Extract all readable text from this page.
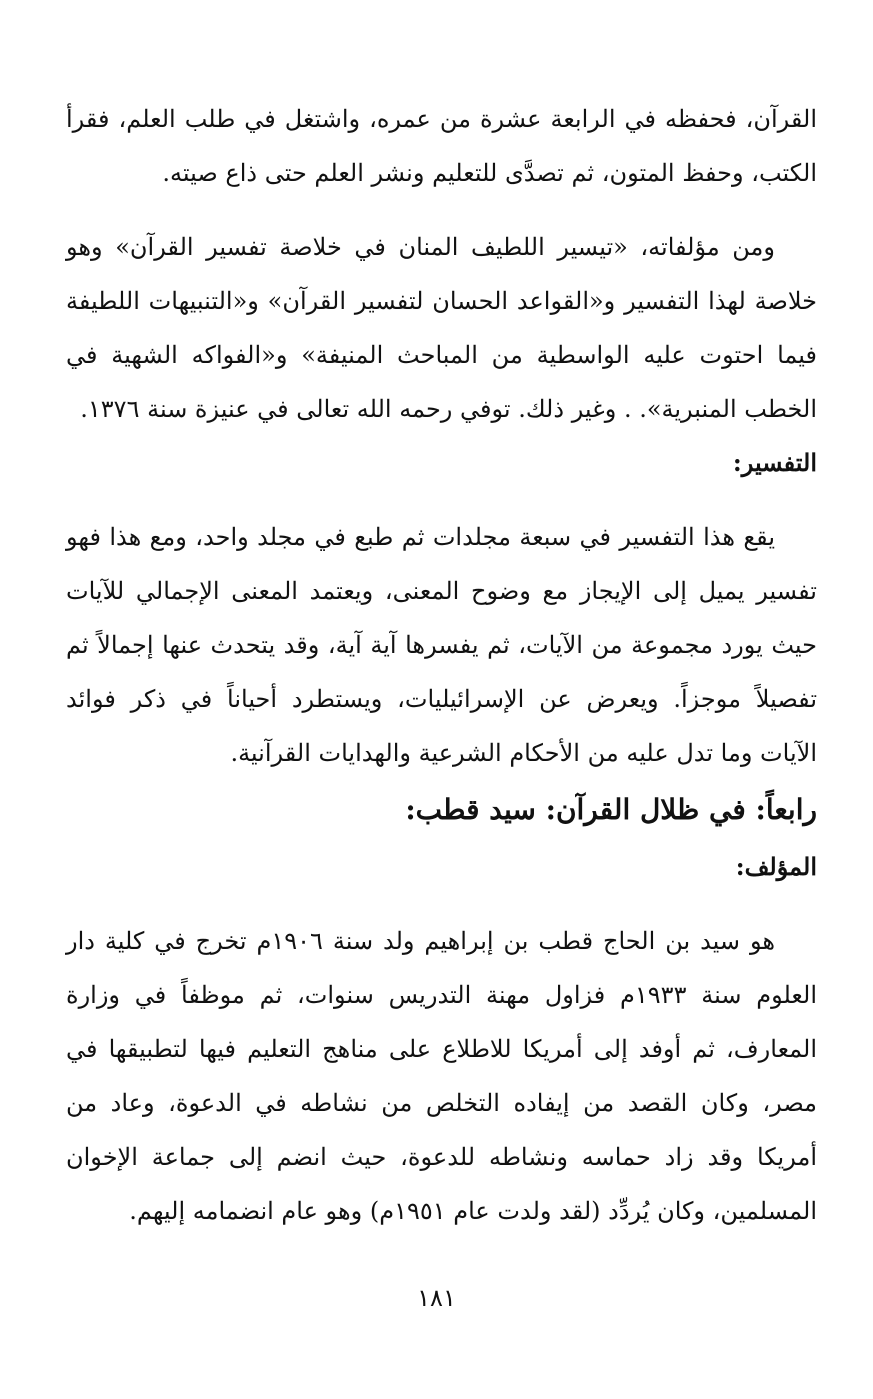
القرآن، فحفظه في الرابعة عشرة من عمره، واشتغل في طلب العلم، فقرأ الكتب، وحفظ المتون، ثم تصدَّى للتعليم ونشر العلم حتى ذاع صيته.

ومن مؤلفاته، «تيسير اللطيف المنان في خلاصة تفسير القرآن» وهو خلاصة لهذا التفسير و«القواعد الحسان لتفسير القرآن» و«التنبيهات اللطيفة فيما احتوت عليه الواسطية من المباحث المنيفة» و«الفواكه الشهية في الخطب المنبرية». . وغير ذلك. توفي رحمه الله تعالى في عنيزة سنة ١٣٧٦.

التفسير:

يقع هذا التفسير في سبعة مجلدات ثم طبع في مجلد واحد، ومع هذا فهو تفسير يميل إلى الإيجاز مع وضوح المعنى، ويعتمد المعنى الإجمالي للآيات حيث يورد مجموعة من الآيات، ثم يفسرها آية آية، وقد يتحدث عنها إجمالاً ثم تفصيلاً موجزاً. ويعرض عن الإسرائيليات، ويستطرد أحياناً في ذكر فوائد الآيات وما تدل عليه من الأحكام الشرعية والهدايات القرآنية.

رابعاً: في ظلال القرآن: سيد قطب:
المؤلف:

هو سيد بن الحاج قطب بن إبراهيم ولد سنة ١٩٠٦م تخرج في كلية دار العلوم سنة ١٩٣٣م فزاول مهنة التدريس سنوات، ثم موظفاً في وزارة المعارف، ثم أوفد إلى أمريكا للاطلاع على مناهج التعليم فيها لتطبيقها في مصر، وكان القصد من إيفاده التخلص من نشاطه في الدعوة، وعاد من أمريكا وقد زاد حماسه ونشاطه للدعوة، حيث انضم إلى جماعة الإخوان المسلمين، وكان يُردِّد (لقد ولدت عام ١٩٥١م) وهو عام انضمامه إليهم.

١٨١
